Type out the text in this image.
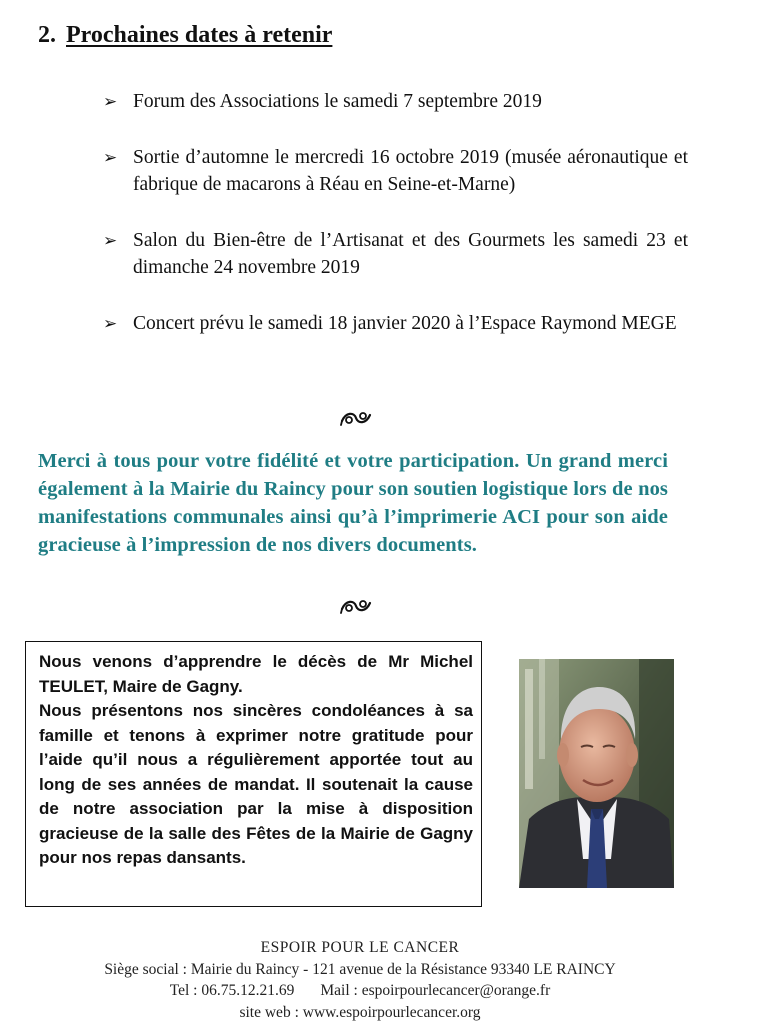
2. Prochaines dates à retenir
➢ Forum des Associations le samedi 7 septembre 2019
➢ Sortie d’automne le mercredi 16 octobre 2019 (musée aéronautique et fabrique de macarons à Réau en Seine-et-Marne)
➢ Salon du Bien-être de l’Artisanat et des Gourmets les samedi 23 et dimanche 24 novembre 2019
➢ Concert prévu le samedi 18 janvier 2020 à l’Espace Raymond MEGE
Merci à tous pour votre fidélité et votre participation. Un grand merci également à la Mairie du Raincy pour son soutien logistique lors de nos manifestations communales ainsi qu’à l’imprimerie ACI pour son aide gracieuse à l’impression de nos divers documents.

Nous venons d’apprendre le décès de Mr Michel TEULET, Maire de Gagny.

Nous présentons nos sincères condoléances à sa famille et tenons à exprimer notre gratitude pour l’aide qu’il nous a régulièrement apportée tout au long de ses années de mandat. Il soutenait la cause de notre association par la mise à disposition gracieuse de la salle des Fêtes de la Mairie de Gagny pour nos repas dansants.

ESPOIR POUR LE CANCER
Siège social : Mairie du Raincy - 121 avenue de la Résistance 93340 LE RAINCY
Tel : 06.75.12.21.69 Mail : espoirpourlecancer@orange.fr
site web : www.espoirpourlecancer.org
